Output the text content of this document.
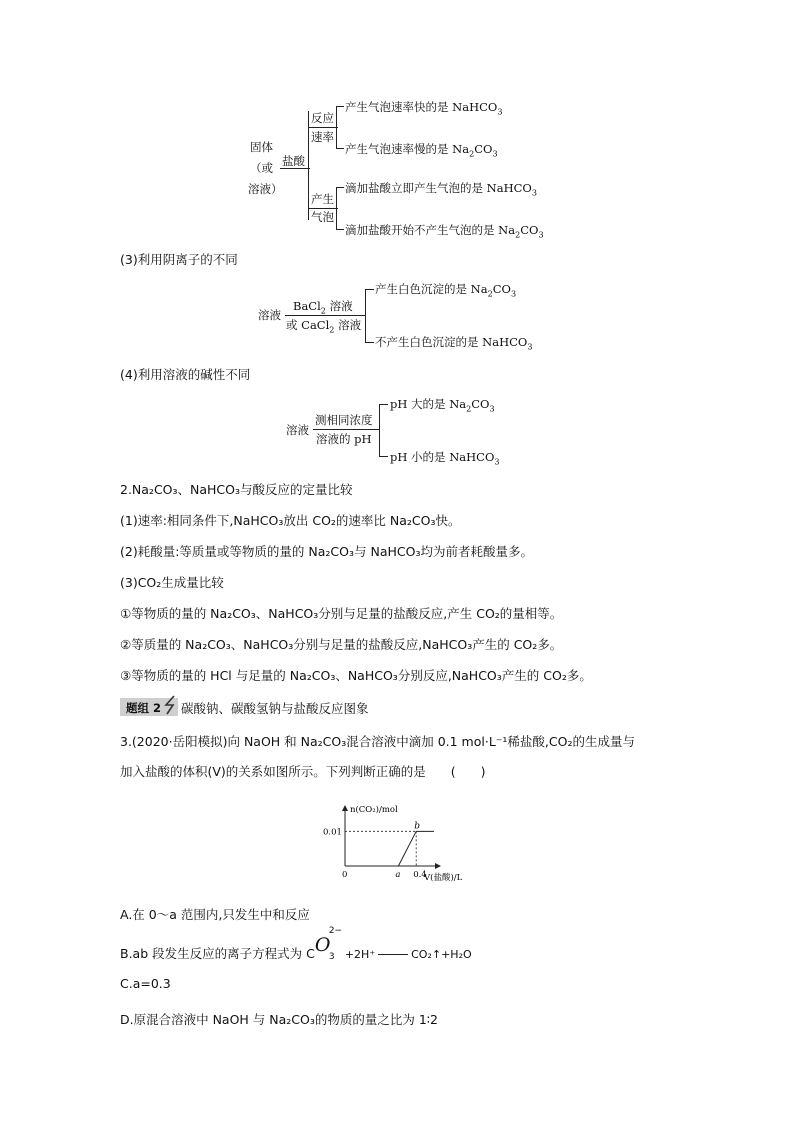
固体
（或
溶液）
盐酸
反应
速率
产生
气泡
产生气泡速率快的是 NaHCO$_3$
产生气泡速率慢的是 $Na_2CO_3$
滴加盐酸立即产生气泡的是 NaHCO$_3$
滴加盐酸开始不产生气泡的是 $Na_2CO_3$
(3)利用阴离子的不同
溶液
BaCl$_2$ 溶液
或 CaCl$_2$ 溶液
产生白色沉淀的是 $Na_2CO_3$
不产生白色沉淀的是 NaHCO$_3$
(4)利用溶液的碱性不同
溶液
测相同浓度
溶液的 pH
pH 大的是 $Na_2CO_3$
pH 小的是 NaHCO$_3$
2.Na₂CO₃、NaHCO₃与酸反应的定量比较
(1)速率:相同条件下,NaHCO₃放出 CO₂的速率比 Na₂CO₃快。
(2)耗酸量:等质量或等物质的量的 Na₂CO₃与 NaHCO₃均为前者耗酸量多。
(3)CO₂生成量比较
①等物质的量的 Na₂CO₃、NaHCO₃分别与足量的盐酸反应,产生 CO₂的量相等。
②等质量的 Na₂CO₃、NaHCO₃分别与足量的盐酸反应,NaHCO₃产生的 CO₂多。
③等物质的量的 HCl 与足量的 Na₂CO₃、NaHCO₃分别反应,NaHCO₃产生的 CO₂多。
题组 2 碳酸钠、碳酸氢钠与盐酸反应图象
3.(2020·岳阳模拟)向 NaOH 和 Na₂CO₃混合溶液中滴加 0.1 mol·L⁻¹稀盐酸,CO₂的生成量与
加入盐酸的体积(V)的关系如图所示。下列判断正确的是　　(　　)
n(CO₂)/mol
V(盐酸)/L
0	a 0.4
0.01
b
A.在 0～a 范围内,只发生中和反应
B.ab 段发生反应的离子方程式为 C O
3
2−
+2H⁺	CO₂↑+H₂O
C.a=0.3
D.原混合溶液中 NaOH 与 Na₂CO₃的物质的量之比为 1∶2
